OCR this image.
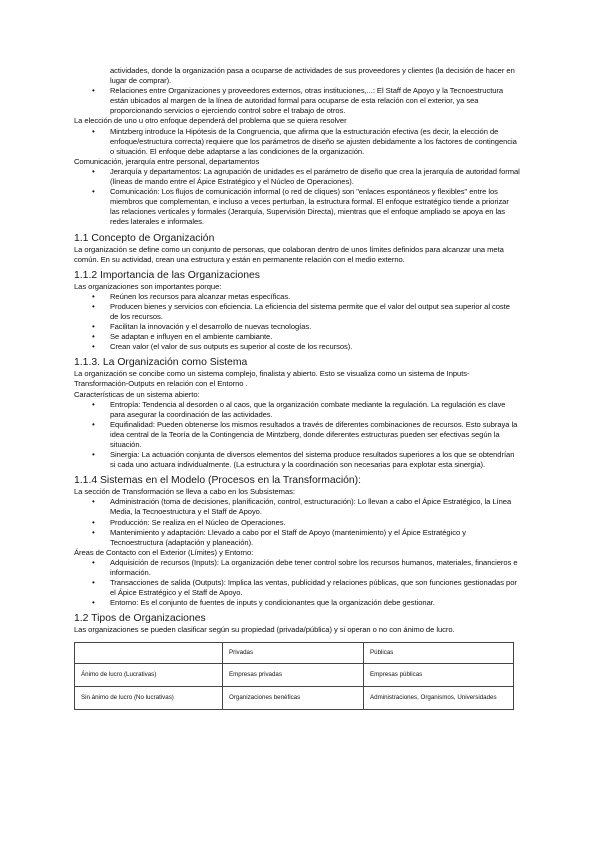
actividades, donde la organización pasa a ocuparse de actividades de sus proveedores y clientes (la decisión de hacer en lugar de comprar).
• Relaciones entre Organizaciones y proveedores externos, otras instituciones,...: El Staff de Apoyo y la Tecnoestructura están ubicados al margen de la línea de autoridad formal para ocuparse de esta relación con el exterior, ya sea proporcionando servicios o ejerciendo control sobre el trabajo de otros.

La elección de uno u otro enfoque dependerá del problema que se quiera resolver

• Mintzberg introduce la Hipótesis de la Congruencia, que afirma que la estructuración efectiva (es decir, la elección de enfoque/estructura correcta) requiere que los parámetros de diseño se ajusten debidamente a los factores de contingencia o situación. El enfoque debe adaptarse a las condiciones de la organización.

Comunicación, jerarquía entre personal, departamentos

• Jerarquía y departamentos: La agrupación de unidades es el parámetro de diseño que crea la jerarquía de autoridad formal (líneas de mando entre el Ápice Estratégico y el Núcleo de Operaciones).
• Comunicación: Los flujos de comunicación informal (o red de cliques) son "enlaces espontáneos y flexibles" entre los miembros que complementan, e incluso a veces perturban, la estructura formal. El enfoque estratégico tiende a priorizar las relaciones verticales y formales (Jerarquía, Supervisión Directa), mientras que el enfoque ampliado se apoya en las redes laterales e informales.
1.1 Concepto de Organización

La organización se define como un conjunto de personas, que colaboran dentro de unos límites definidos para alcanzar una meta común. En su actividad, crean una estructura y están en permanente relación con el medio externo.

1.1.2 Importancia de las Organizaciones

Las organizaciones son importantes porque:

• Reúnen los recursos para alcanzar metas específicas.
• Producen bienes y servicios con eficiencia. La eficiencia del sistema permite que el valor del output sea superior al coste de los recursos.
• Facilitan la innovación y el desarrollo de nuevas tecnologías.
• Se adaptan e influyen en el ambiente cambiante.
• Crean valor (el valor de sus outputs es superior al coste de los recursos).
1.1.3. La Organización como Sistema

La organización se concibe como un sistema complejo, finalista y abierto. Esto se visualiza como un sistema de Inputs-Transformación-Outputs en relación con el Entorno .

Características de un sistema abierto:

• Entropía: Tendencia al desorden o al caos, que la organización combate mediante la regulación. La regulación es clave para asegurar la coordinación de las actividades.
• Equifinalidad: Pueden obtenerse los mismos resultados a través de diferentes combinaciones de recursos. Esto subraya la idea central de la Teoría de la Contingencia de Mintzberg, donde diferentes estructuras pueden ser efectivas según la situación.
• Sinergia: La actuación conjunta de diversos elementos del sistema produce resultados superiores a los que se obtendrían si cada uno actuara individualmente. (La estructura y la coordinación son necesarias para explotar esta sinergia).
1.1.4 Sistemas en el Modelo (Procesos en la Transformación):

La sección de Transformación se lleva a cabo en los Subsistemas:

• Administración (toma de decisiones, planificación, control, estructuración): Lo llevan a cabo el Ápice Estratégico, la Línea Media, la Tecnoestructura y el Staff de Apoyo.
• Producción: Se realiza en el Núcleo de Operaciones.
• Mantenimiento y adaptación: Llevado a cabo por el Staff de Apoyo (mantenimiento) y el Ápice Estratégico y Tecnoestructura (adaptación y planeación).

Áreas de Contacto con el Exterior (Límites) y Entorno:

• Adquisición de recursos (Inputs): La organización debe tener control sobre los recursos humanos, materiales, financieros e información.
• Transacciones de salida (Outputs): Implica las ventas, publicidad y relaciones públicas, que son funciones gestionadas por el Ápice Estratégico y el Staff de Apoyo.
• Entorno: Es el conjunto de fuentes de inputs y condicionantes que la organización debe gestionar.
1.2 Tipos de Organizaciones

Las organizaciones se pueden clasificar según su propiedad (privada/pública) y si operan o no con ánimo de lucro.

	Privadas	Públicas
Ánimo de lucro (Lucrativas)	Empresas privadas	Empresas públicas
Sin ánimo de lucro (No lucrativas)	Organizaciones benéficas	Administraciones, Organismos, Universidades
